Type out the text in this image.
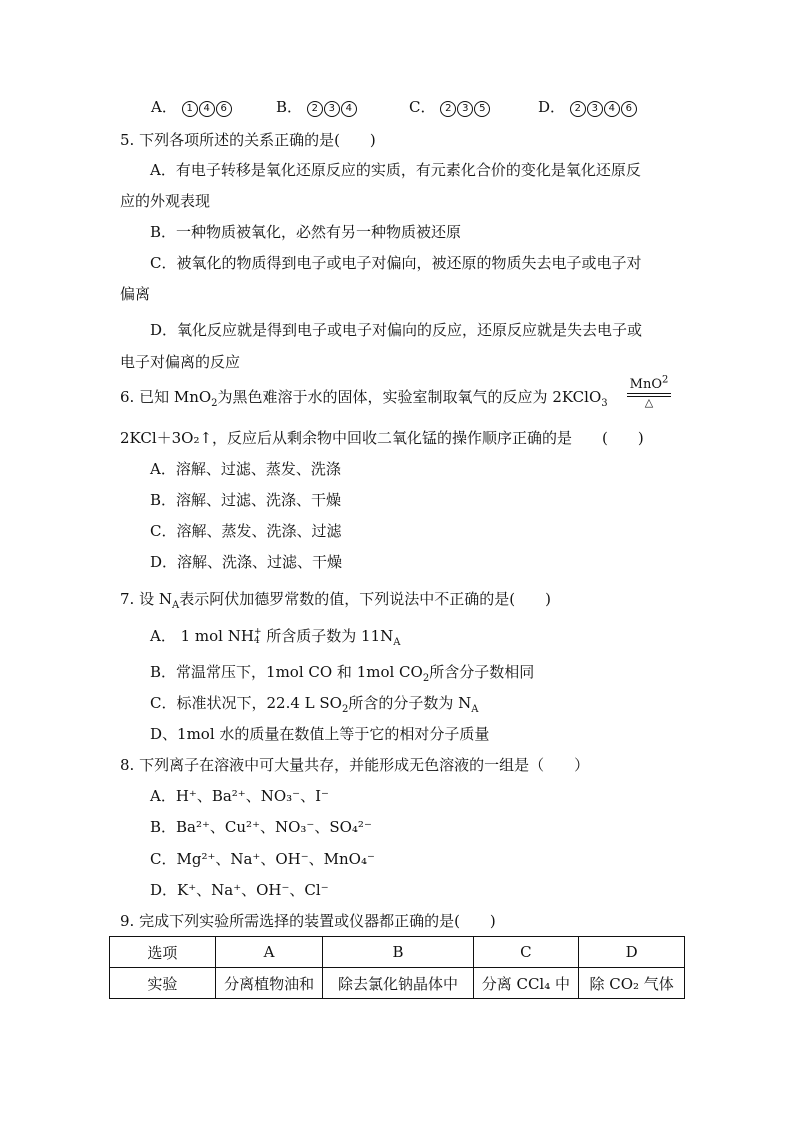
A． 1 4 6	B． 2 3 4	C． 2 3 5	D． 2 3 4 6
5. 下列各项所述的关系正确的是(　　)
A．有电子转移是氧化还原反应的实质，有元素化合价的变化是氧化还原反
应的外观表现
B．一种物质被氧化，必然有另一种物质被还原
C．被氧化的物质得到电子或电子对偏向，被还原的物质失去电子或电子对
偏离
D．氧化反应就是得到电子或电子对偏向的反应，还原反应就是失去电子或
电子对偏离的反应
6. 已知 MnO$_2$为黑色难溶于水的固体，实验室制取氧气的反应为 2KClO$_3$
MnO$^2$
△
2KCl＋3O₂↑，反应后从剩余物中回收二氧化锰的操作顺序正确的是　　(　　)
A．溶解、过滤、蒸发、洗涤
B．溶解、过滤、洗涤、干燥
C．溶解、蒸发、洗涤、过滤
D．溶解、洗涤、过滤、干燥
7. 设 $N_A$表示阿伏加德罗常数的值，下列说法中不正确的是(　　)
A． 1 mol NH +
4 所含质子数为 $11N_A$
B．常温常压下，1mol CO 和 1mol $CO_2$所含分子数相同
C．标准状况下，22.4 L $SO_2$所含的分子数为 $N_A$
D、1mol 水的质量在数值上等于它的相对分子质量
8. 下列离子在溶液中可大量共存，并能形成无色溶液的一组是（　　）
A．H⁺、Ba²⁺、NO₃⁻、I⁻
B．Ba²⁺、Cu²⁺、NO₃⁻、SO₄²⁻
C．Mg²⁺、Na⁺、OH⁻、MnO₄⁻
D．K⁺、Na⁺、OH⁻、Cl⁻
9. 完成下列实验所需选择的装置或仪器都正确的是(　　)
选项	A	B	C	D
实验	分离植物油和	除去氯化钠晶体中	分离 CCl₄ 中	除 CO₂ 气体
